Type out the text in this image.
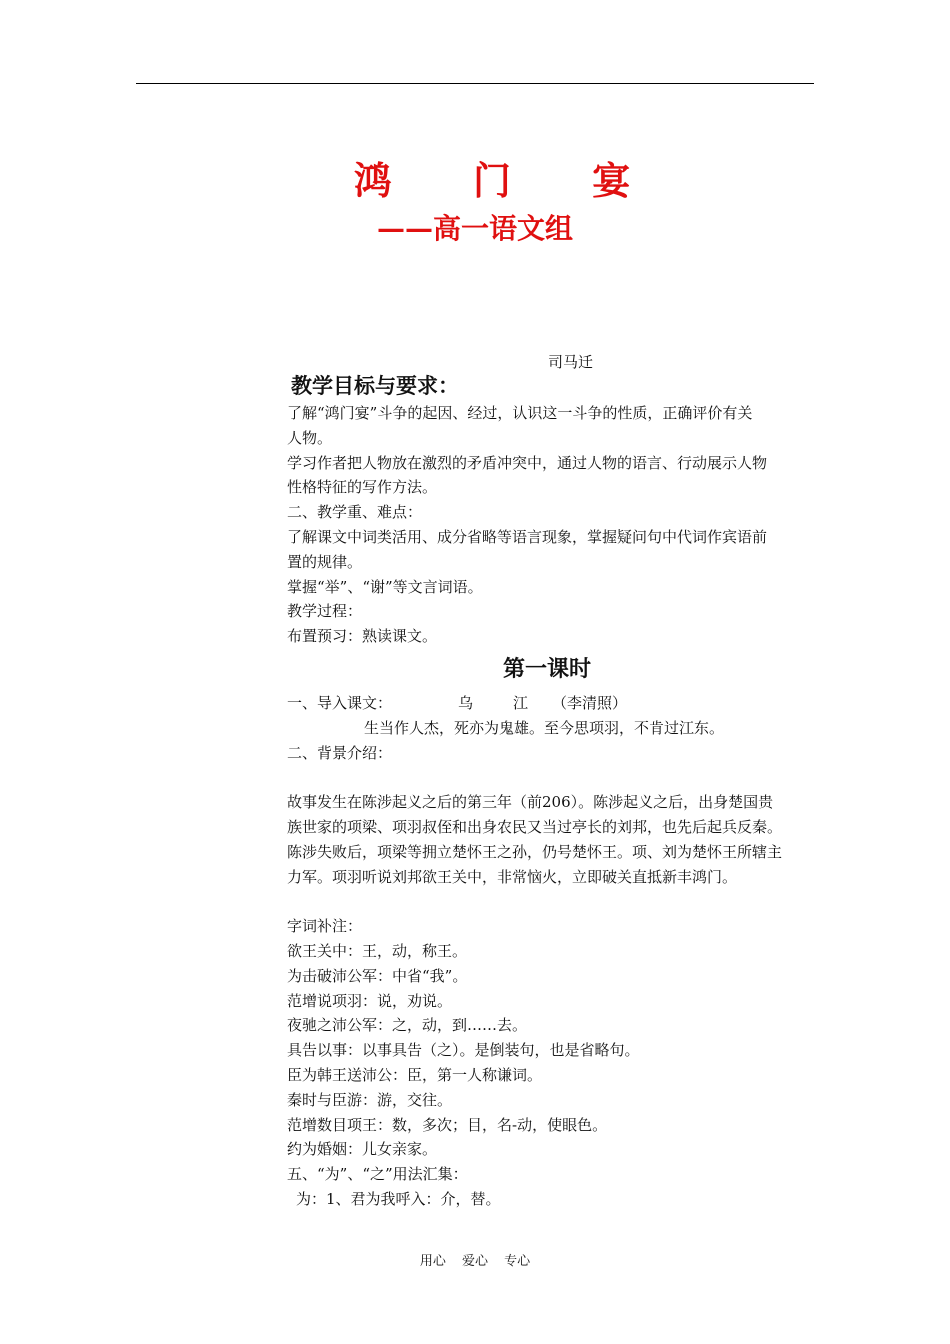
鸿 门 宴
——高一语文组
司马迁
教学目标与要求：
了解“鸿门宴”斗争的起因、经过，认识这一斗争的性质，正确评价有关
人物。
学习作者把人物放在激烈的矛盾冲突中，通过人物的语言、行动展示人物
性格特征的写作方法。
二、教学重、难点：
了解课文中词类活用、成分省略等语言现象，掌握疑问句中代词作宾语前
置的规律。
掌握“举”、“谢”等文言词语。
教学过程：
布置预习：熟读课文。
第一课时
一、导入课文：	乌	江 （李清照）
生当作人杰，死亦为鬼雄。至今思项羽，不肯过江东。
二、背景介绍：
故事发生在陈涉起义之后的第三年（前206）。陈涉起义之后，出身楚国贵
族世家的项梁、项羽叔侄和出身农民又当过亭长的刘邦，也先后起兵反秦。
陈涉失败后，项梁等拥立楚怀王之孙，仍号楚怀王。项、刘为楚怀王所辖主
力军。项羽听说刘邦欲王关中，非常恼火，立即破关直抵新丰鸿门。
字词补注：
欲王关中：王，动，称王。
为击破沛公军：中省“我”。
范增说项羽：说，劝说。
夜驰之沛公军：之，动，到……去。
具告以事：以事具告（之）。是倒装句，也是省略句。
臣为韩王送沛公：臣，第一人称谦词。
秦时与臣游：游，交往。
范增数目项王：数，多次；目，名-动，使眼色。
约为婚姻：儿女亲家。
五、“为”、“之”用法汇集：
为：1、君为我呼入：介，替。
用心 爱心 专心
